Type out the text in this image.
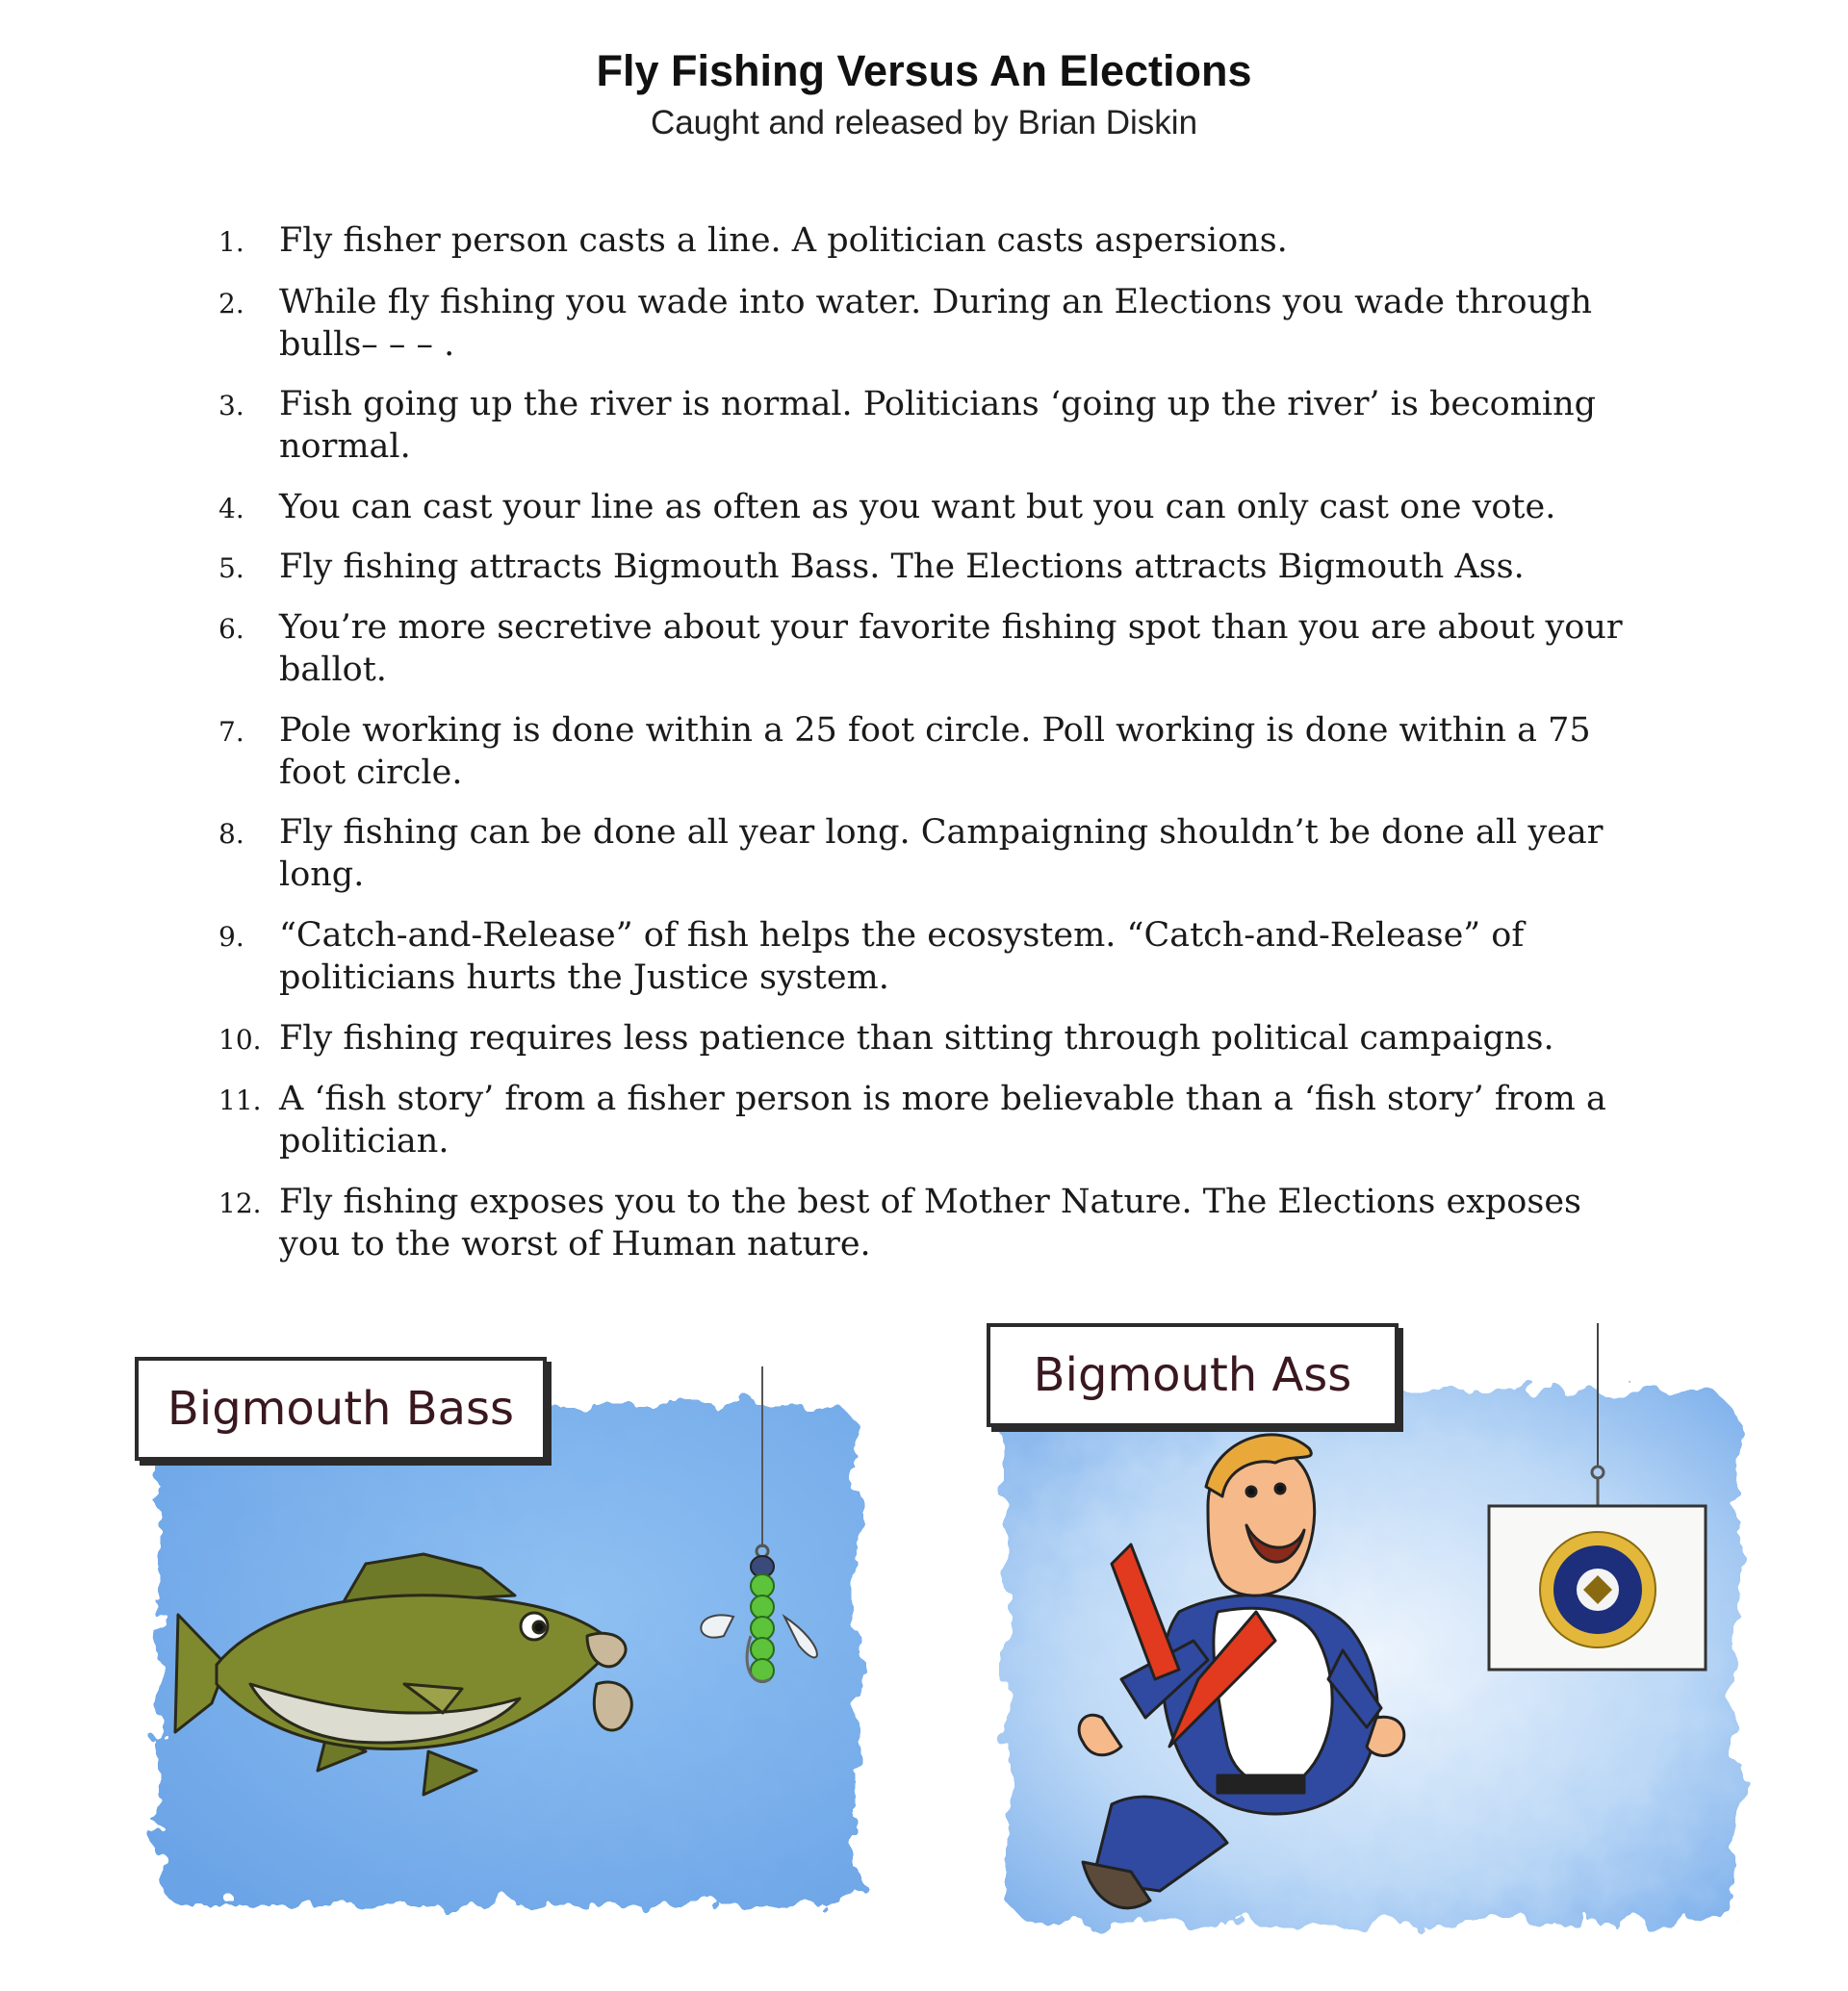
Fly Fishing Versus An Elections
Caught and released by Brian Diskin
1.	Fly fisher person casts a line. A politician casts aspersions.
2.	While fly fishing you wade into water. During an Elections you wade through bulls– – – .
3.	Fish going up the river is normal. Politicians ‘going up the river’ is becoming normal.
4.	You can cast your line as often as you want but you can only cast one vote.
5.	Fly fishing attracts Bigmouth Bass. The Elections attracts Bigmouth Ass.
6.	You’re more secretive about your favorite fishing spot than you are about your ballot.
7.	Pole working is done within a 25 foot circle. Poll working is done within a 75 foot circle.
8.	Fly fishing can be done all year long. Campaigning shouldn’t be done all year long.
9.	“Catch-and-Release” of fish helps the ecosystem. “Catch-and-Release” of politicians hurts the Justice system.
10. Fly fishing requires less patience than sitting through political campaigns.
11. A ‘fish story’ from a fisher person is more believable than a ‘fish story’ from a politician.
12. Fly fishing exposes you to the best of Mother Nature. The Elections exposes you to the worst of Human nature.
Bigmouth Bass
Bigmouth Ass
